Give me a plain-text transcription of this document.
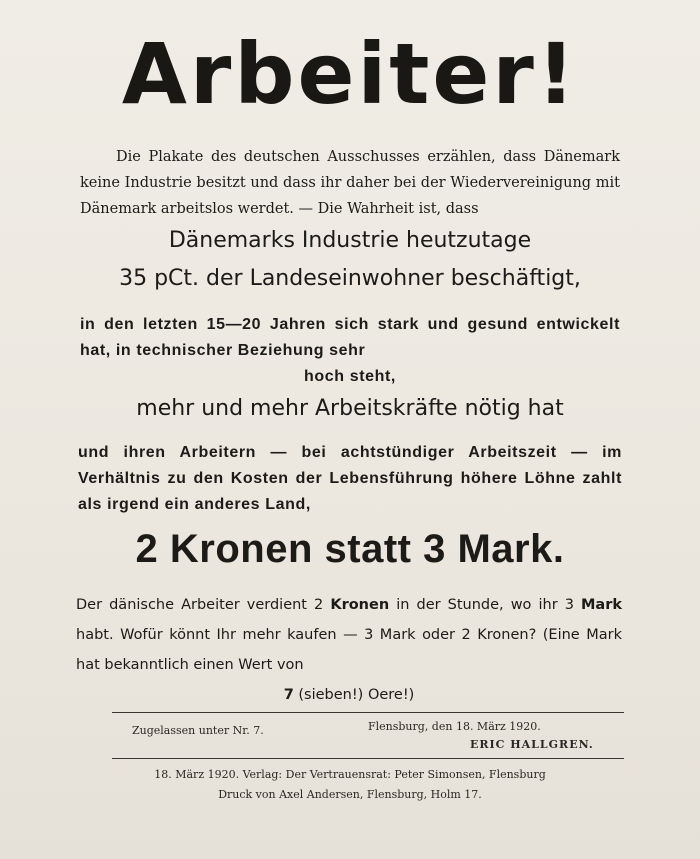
Arbeiter!
Die Plakate des deutschen Ausschusses erzählen, dass Dänemark keine Industrie besitzt und dass ihr daher bei der Wiedervereinigung mit Dänemark arbeitslos werdet. — Die Wahrheit ist, dass
Dänemarks Industrie heutzutage
35 pCt. der Landeseinwohner beschäftigt,
in den letzten 15—20 Jahren sich stark und gesund entwickelt hat, in technischer Beziehung sehr
hoch steht,
mehr und mehr Arbeitskräfte nötig hat
und ihren Arbeitern — bei achtstündiger Arbeitszeit — im Verhältnis zu den Kosten der Lebensführung höhere Löhne zahlt als irgend ein anderes Land,
2 Kronen statt 3 Mark.
Der dänische Arbeiter verdient 2 Kronen in der Stunde, wo ihr 3 Mark habt. Wofür könnt Ihr mehr kaufen — 3 Mark oder 2 Kronen? (Eine Mark hat bekanntlich einen Wert von
7 (sieben!) Oere!)
Zugelassen unter Nr. 7.	Flensburg, den 18. März 1920.
ERIC HALLGREN.
18. März 1920. Verlag: Der Vertrauensrat: Peter Simonsen, Flensburg
Druck von Axel Andersen, Flensburg, Holm 17.
